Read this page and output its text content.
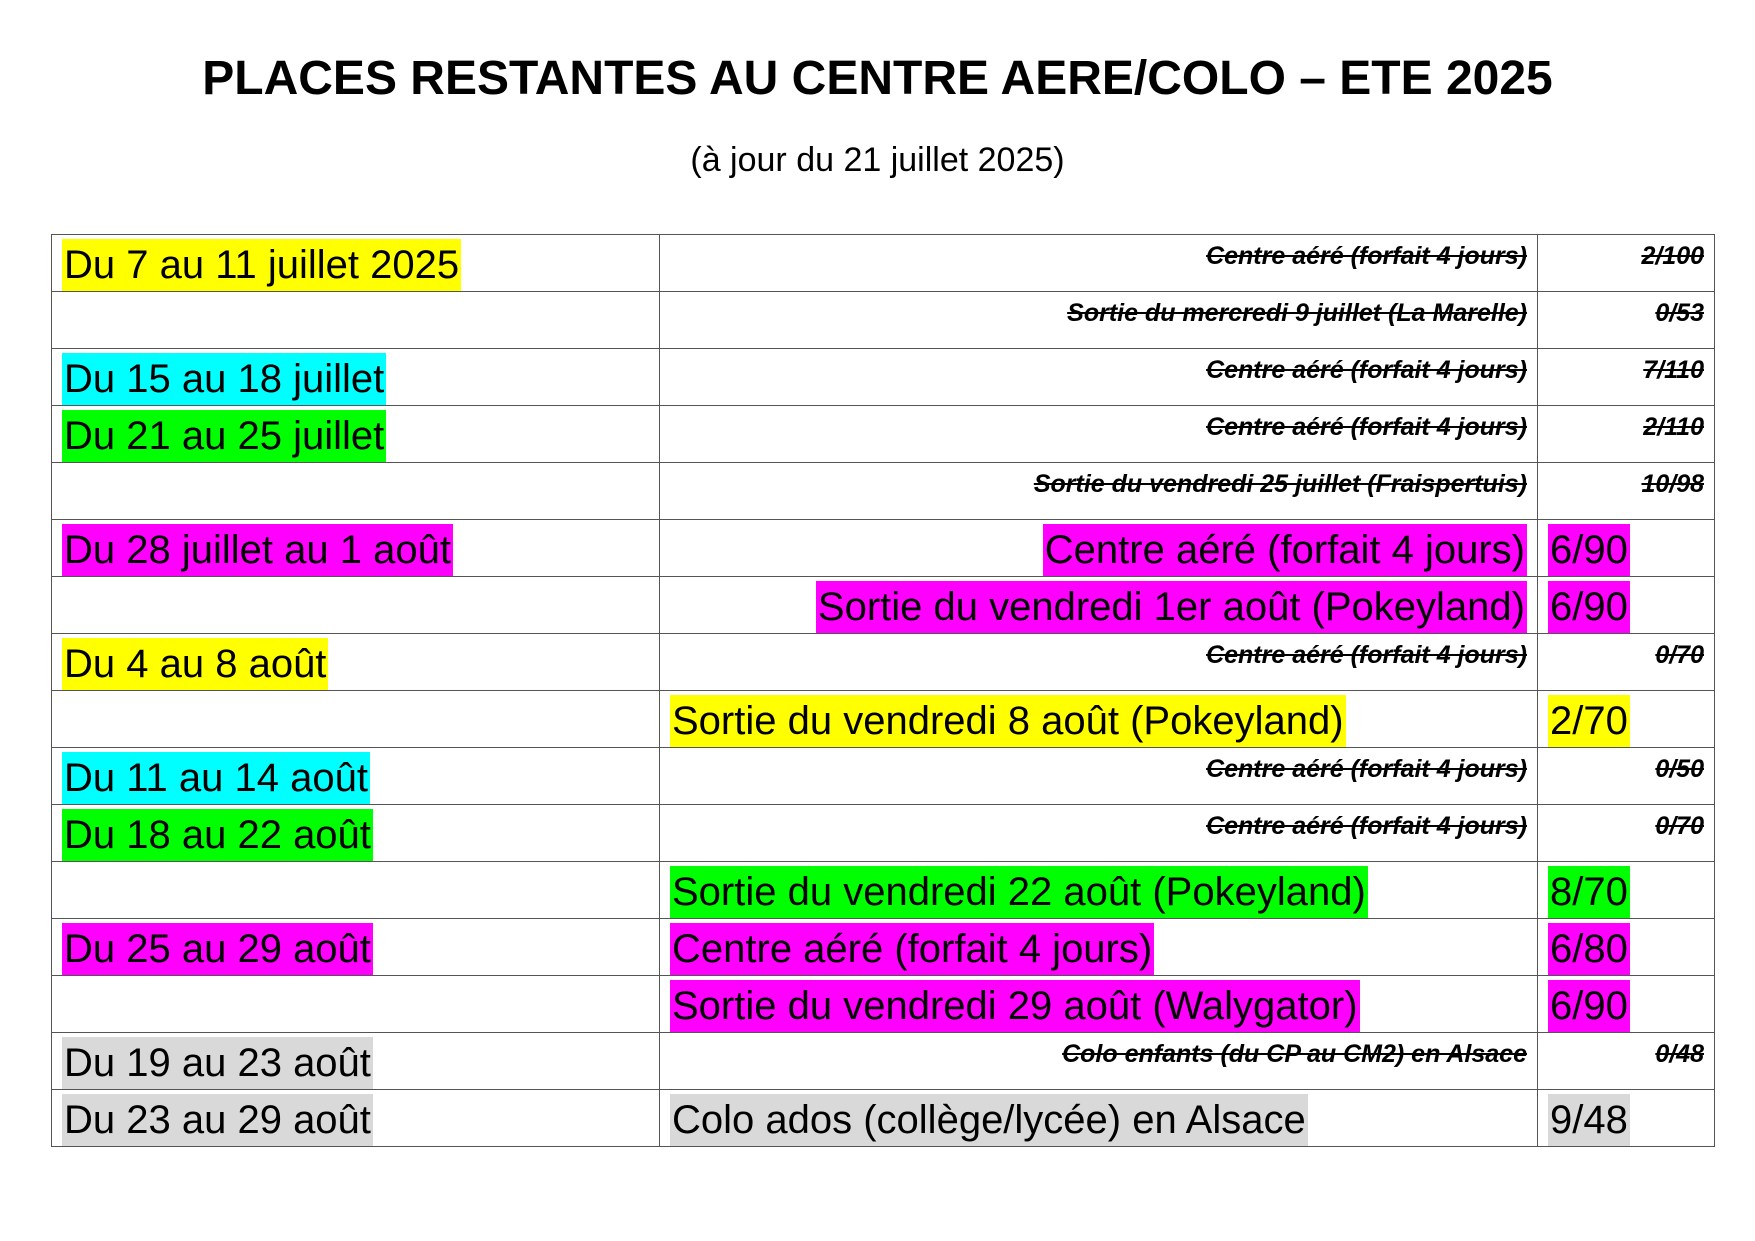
PLACES RESTANTES AU CENTRE AERE/COLO – ETE 2025

(à jour du 21 juillet 2025)

Du 7 au 11 juillet 2025	Centre aéré (forfait 4 jours)	2/100
	Sortie du mercredi 9 juillet (La Marelle)	0/53
Du 15 au 18 juillet	Centre aéré (forfait 4 jours)	7/110
Du 21 au 25 juillet	Centre aéré (forfait 4 jours)	2/110
	Sortie du vendredi 25 juillet (Fraispertuis)	10/98
Du 28 juillet au 1 août	Centre aéré (forfait 4 jours)	6/90
	Sortie du vendredi 1er août (Pokeyland)	6/90
Du 4 au 8 août	Centre aéré (forfait 4 jours)	0/70
	Sortie du vendredi 8 août (Pokeyland)	2/70
Du 11 au 14 août	Centre aéré (forfait 4 jours)	0/50
Du 18 au 22 août	Centre aéré (forfait 4 jours)	0/70
	Sortie du vendredi 22 août (Pokeyland)	8/70
Du 25 au 29 août	Centre aéré (forfait 4 jours)	6/80
	Sortie du vendredi 29 août (Walygator)	6/90
Du 19 au 23 août	Colo enfants (du CP au CM2) en Alsace	0/48
Du 23 au 29 août	Colo ados (collège/lycée) en Alsace	9/48
